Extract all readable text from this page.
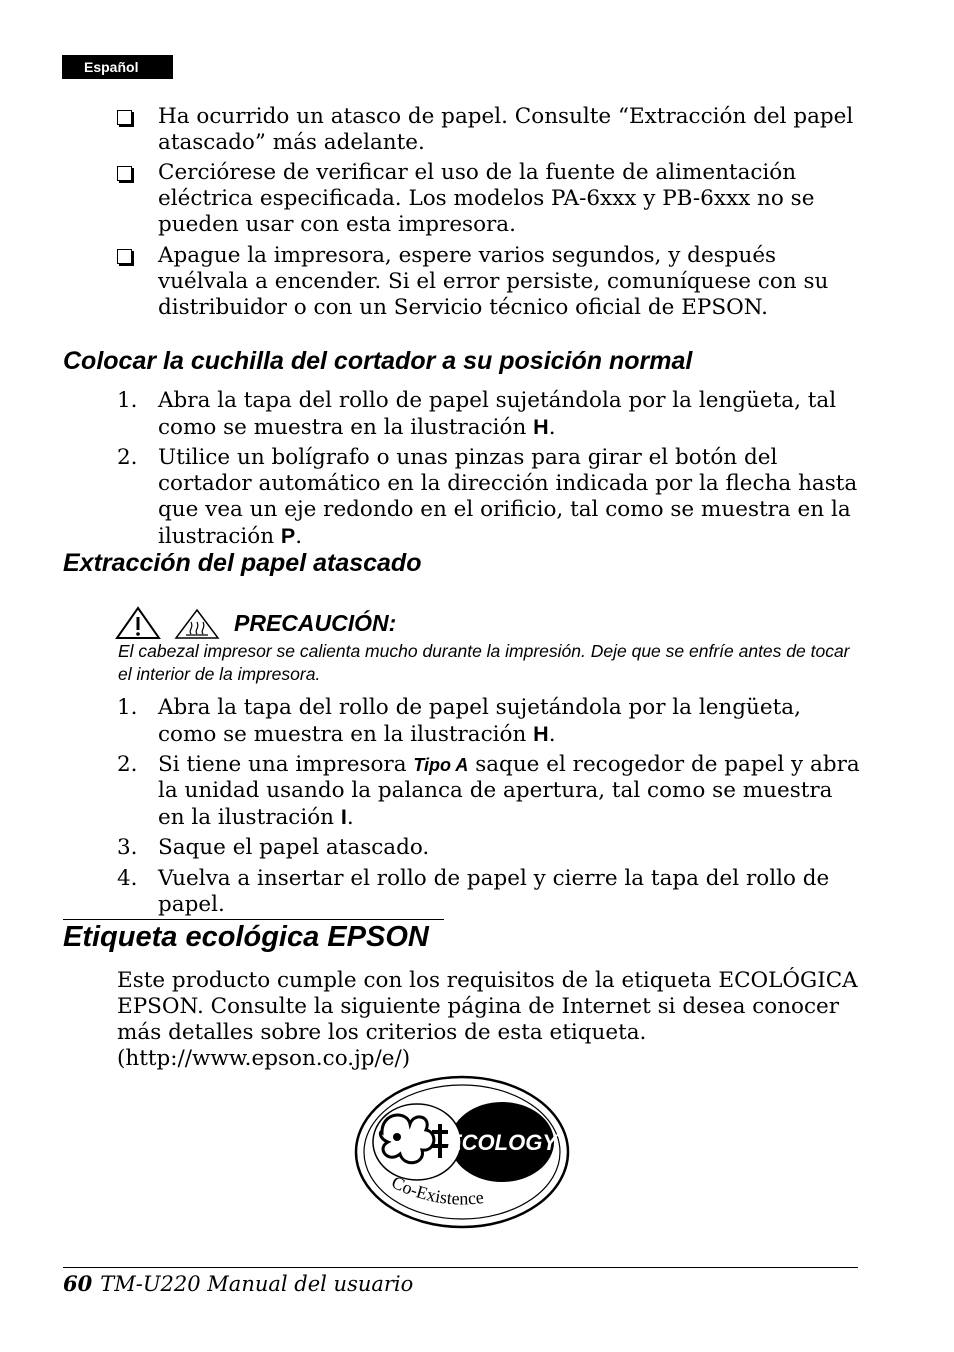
Español
Ha ocurrido un atasco de papel. Consulte “Extracción del papel atascado” más adelante.
Cerciórese de verificar el uso de la fuente de alimentación eléctrica especificada. Los modelos PA-6xxx y PB-6xxx no se pueden usar con esta impresora.
Apague la impresora, espere varios segundos, y después vuélvala a encender. Si el error persiste, comuníquese con su distribuidor o con un Servicio técnico oficial de EPSON.
Colocar la cuchilla del cortador a su posición normal
1. Abra la tapa del rollo de papel sujetándola por la lengüeta, tal como se muestra en la ilustración H.
2. Utilice un bolígrafo o unas pinzas para girar el botón del cortador automático en la dirección indicada por la flecha hasta que vea un eje redondo en el orificio, tal como se muestra en la ilustración P.
Extracción del papel atascado
PRECAUCIÓN:
El cabezal impresor se calienta mucho durante la impresión. Deje que se enfríe antes de tocar el interior de la impresora.
1. Abra la tapa del rollo de papel sujetándola por la lengüeta, como se muestra en la ilustración H.
2. Si tiene una impresora Tipo A saque el recogedor de papel y abra la unidad usando la palanca de apertura, tal como se muestra en la ilustración I.
3. Saque el papel atascado.
4. Vuelva a insertar el rollo de papel y cierre la tapa del rollo de papel.
Etiqueta ecológica EPSON
Este producto cumple con los requisitos de la etiqueta ECOLÓGICA EPSON. Consulte la siguiente página de Internet si desea conocer más detalles sobre los criterios de esta etiqueta. (http://www.epson.co.jp/e/)
ECOLOGY
Co-Existence
60 TM-U220 Manual del usuario
